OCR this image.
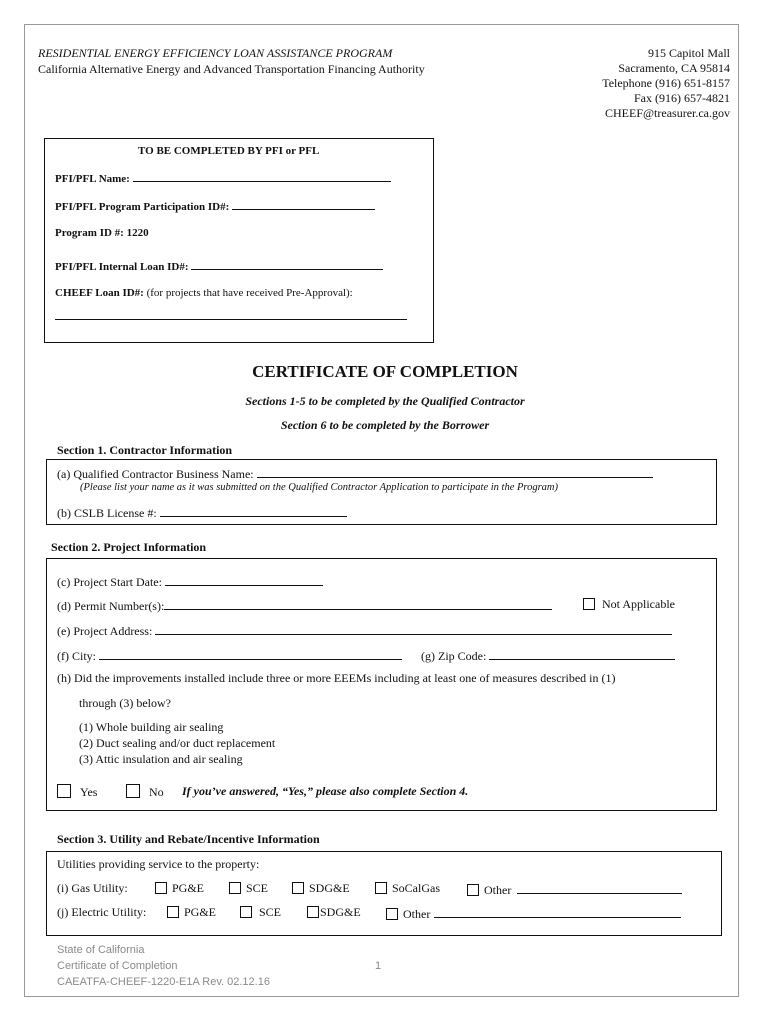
RESIDENTIAL ENERGY EFFICIENCY LOAN ASSISTANCE PROGRAM
California Alternative Energy and Advanced Transportation Financing Authority
915 Capitol Mall
Sacramento, CA 95814
Telephone (916) 651-8157
Fax (916) 657-4821
CHEEF@treasurer.ca.gov
TO BE COMPLETED BY PFI or PFL
PFI/PFL Name:
PFI/PFL Program Participation ID#:
Program ID #: 1220
PFI/PFL Internal Loan ID#:
CHEEF Loan ID#: (for projects that have received Pre-Approval):
CERTIFICATE OF COMPLETION
Sections 1-5 to be completed by the Qualified Contractor
Section 6 to be completed by the Borrower
Section 1. Contractor Information
(a) Qualified Contractor Business Name:
(Please list your name as it was submitted on the Qualified Contractor Application to participate in the Program)
(b) CSLB License #:
Section 2. Project Information
(c) Project Start Date:
(d) Permit Number(s):	Not Applicable
(e) Project Address:
(f) City:	(g) Zip Code:
(h) Did the improvements installed include three or more EEEMs including at least one of measures described in (1)
through (3) below?
(1) Whole building air sealing
(2) Duct sealing and/or duct replacement
(3) Attic insulation and air sealing
Yes	No If you’ve answered, “Yes,” please also complete Section 4.
Section 3. Utility and Rebate/Incentive Information
Utilities providing service to the property:
(i) Gas Utility:	PG&E	SCE	SDG&E	SoCalGas	Other
(j) Electric Utility:	PG&E	SCE	SDG&E	Other
State of California
Certificate of Completion
CAEATFA-CHEEF-1220-E1A Rev. 02.12.16
1
